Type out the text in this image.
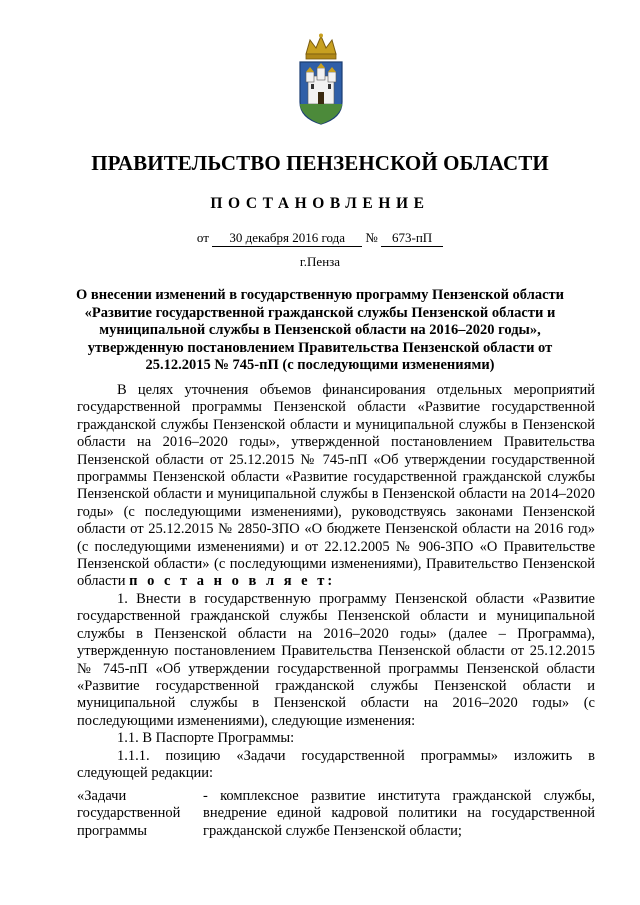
ПРАВИТЕЛЬСТВО ПЕНЗЕНСКОЙ ОБЛАСТИ
ПОСТАНОВЛЕНИЕ
от 30 декабря 2016 года № 673-пП
г.Пенза
О внесении изменений в государственную программу Пензенской области «Развитие государственной гражданской службы Пензенской области и муниципальной службы в Пензенской области на 2016–2020 годы», утвержденную постановлением Правительства Пензенской области от 25.12.2015 № 745-пП (с последующими изменениями)

В целях уточнения объемов финансирования отдельных мероприятий государственной программы Пензенской области «Развитие государственной гражданской службы Пензенской области и муниципальной службы в Пензенской области на 2016–2020 годы», утвержденной постановлением Правительства Пензенской области от 25.12.2015 № 745-пП «Об утверждении государственной программы Пензенской области «Развитие государственной гражданской службы Пензенской области и муниципальной службы в Пензенской области на 2014–2020 годы» (с последующими изменениями), руководствуясь законами Пензенской области от 25.12.2015 № 2850-ЗПО «О бюджете Пензенской области на 2016 год» (с последующими изменениями) и от 22.12.2005 № 906-ЗПО «О Правительстве Пензенской области» (с последующими изменениями), Правительство Пензенской области п о с т а н о в л я е т:

1. Внести в государственную программу Пензенской области «Развитие государственной гражданской службы Пензенской области и муниципальной службы в Пензенской области на 2016–2020 годы» (далее – Программа), утвержденную постановлением Правительства Пензенской области от 25.12.2015 № 745-пП «Об утверждении государственной программы Пензенской области «Развитие государственной гражданской службы Пензенской области и муниципальной службы в Пензенской области на 2016–2020 годы» (с последующими изменениями), следующие изменения:

1.1. В Паспорте Программы:

1.1.1. позицию «Задачи государственной программы» изложить в следующей редакции:

«Задачи государственной программы
- комплексное развитие института гражданской службы, внедрение единой кадровой политики на государственной гражданской службе Пензенской области;
